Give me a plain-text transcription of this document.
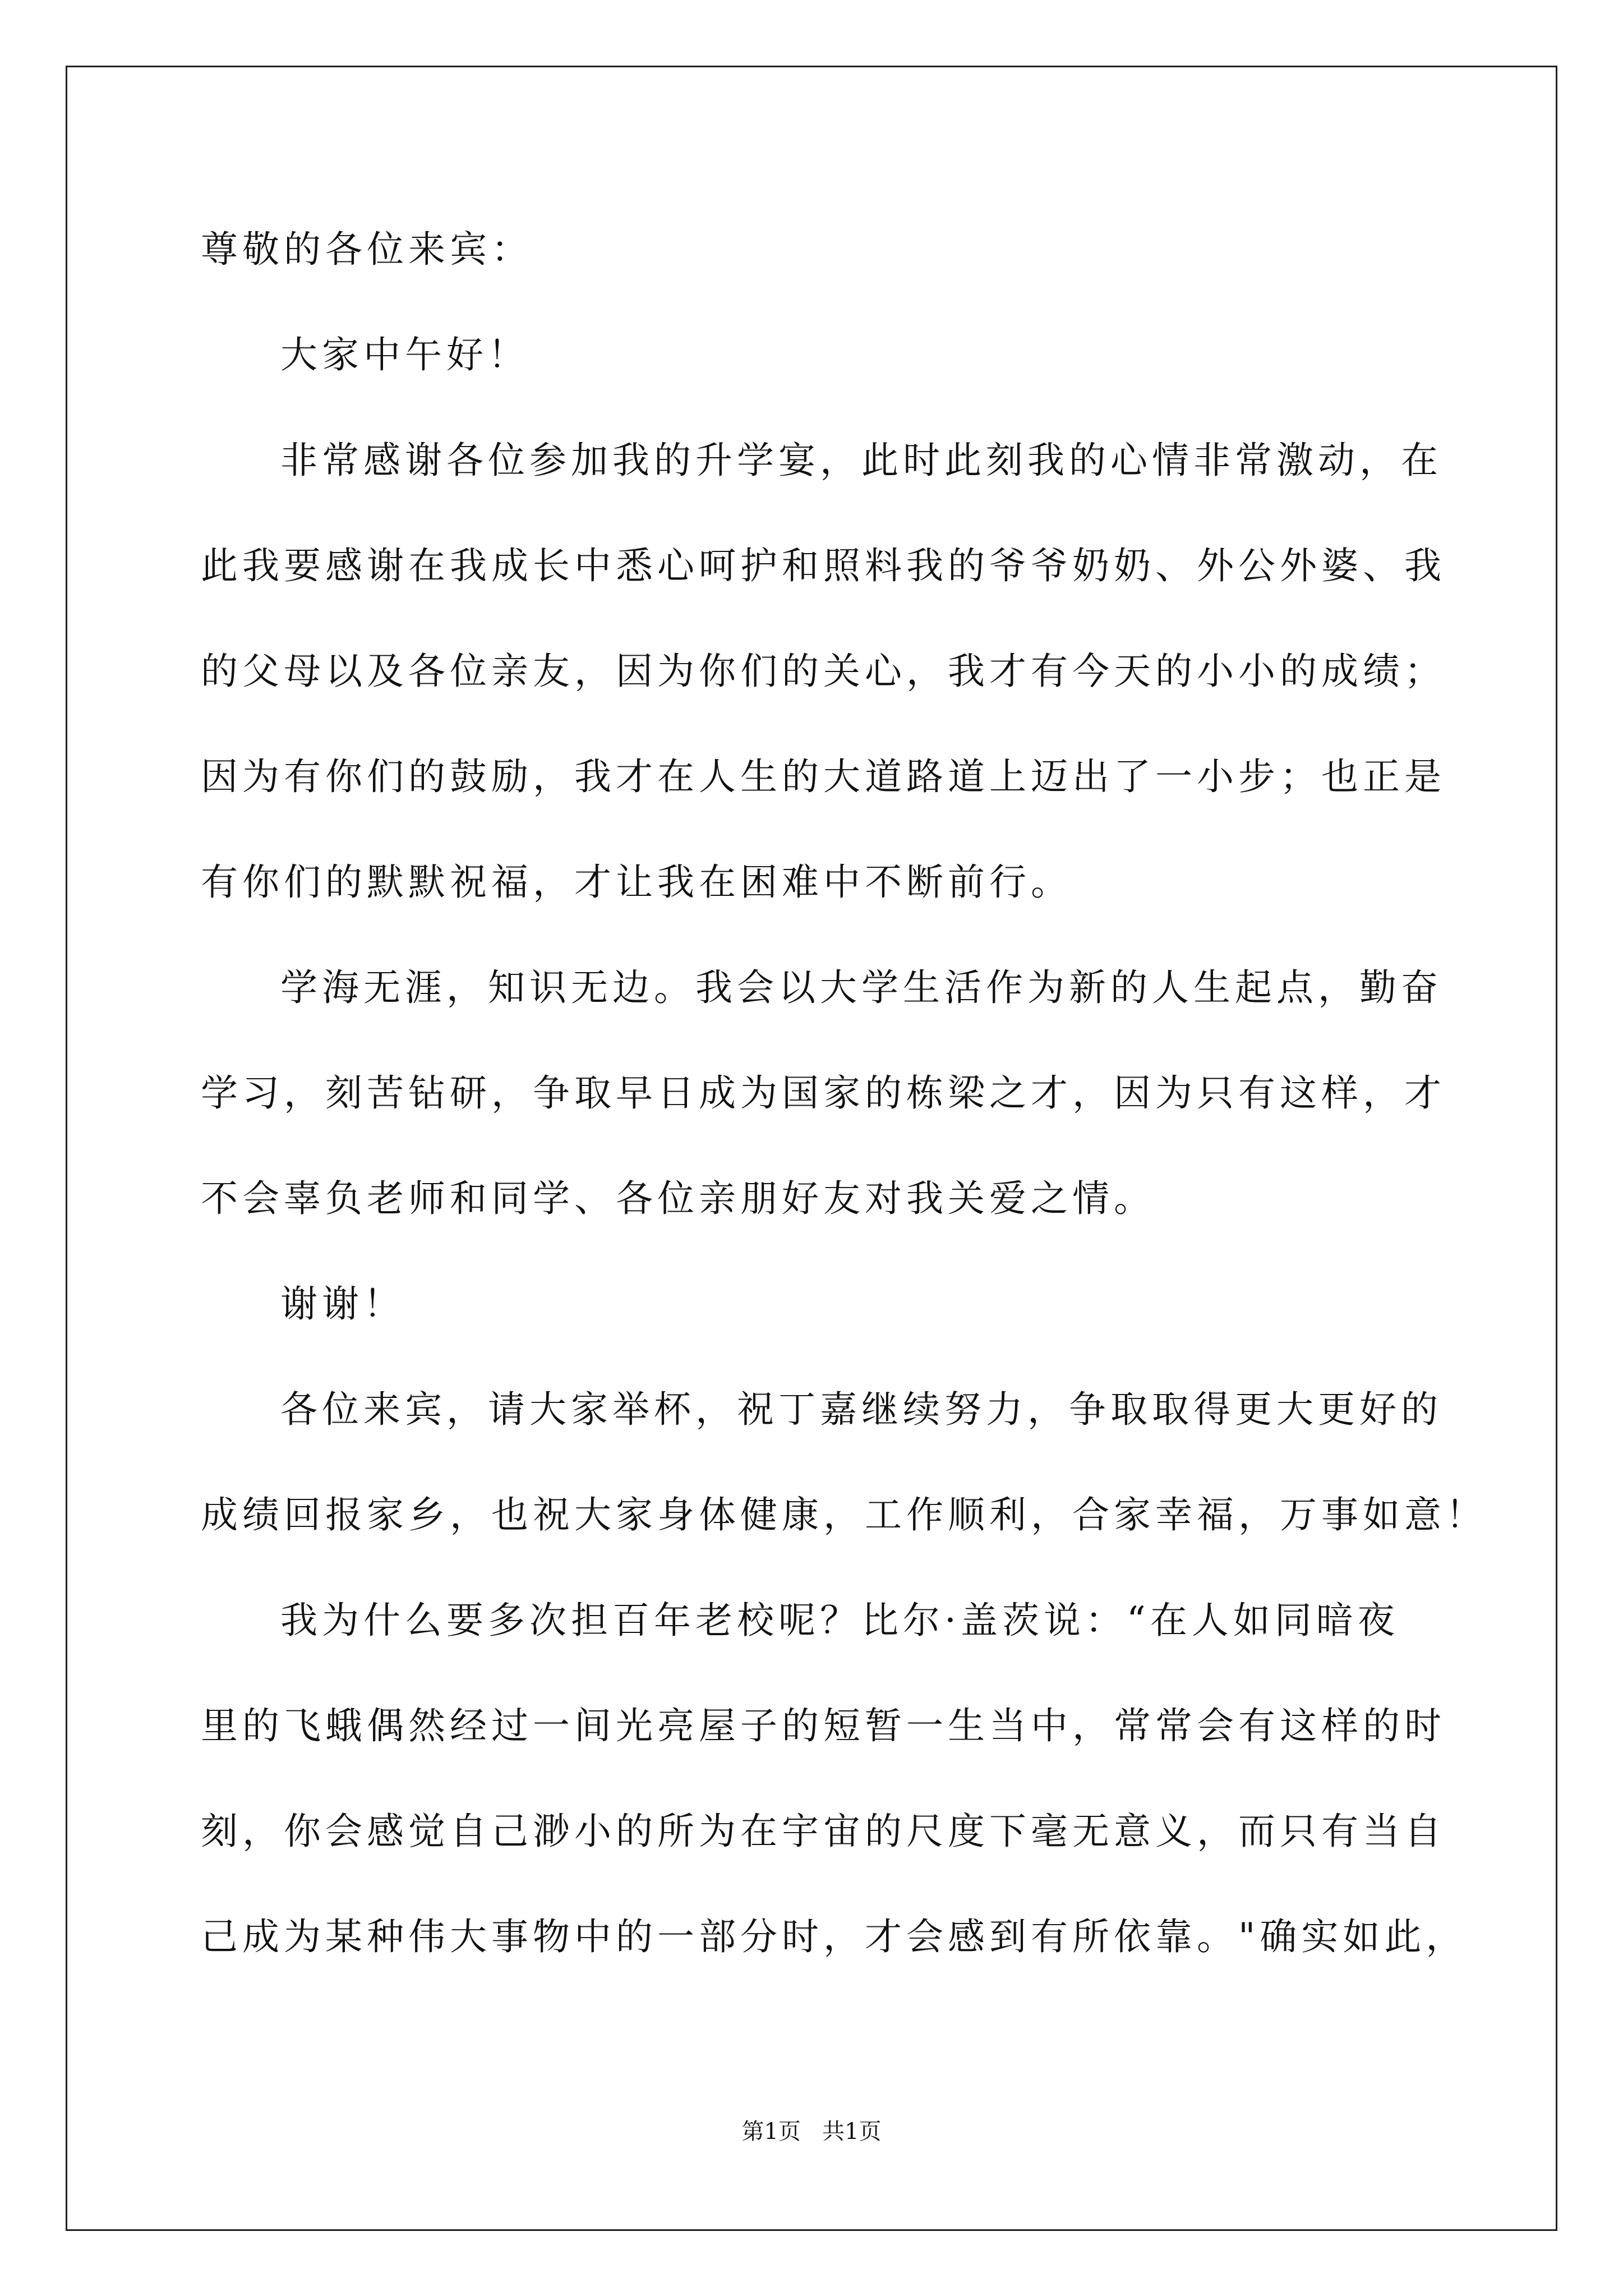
尊敬的各位来宾：
大家中午好！
非常感谢各位参加我的升学宴，此时此刻我的心情非常激动，在
此我要感谢在我成长中悉心呵护和照料我的爷爷奶奶、外公外婆、我
的父母以及各位亲友，因为你们的关心，我才有今天的小小的成绩；
因为有你们的鼓励，我才在人生的大道路道上迈出了一小步；也正是
有你们的默默祝福，才让我在困难中不断前行。
学海无涯，知识无边。我会以大学生活作为新的人生起点，勤奋
学习，刻苦钻研，争取早日成为国家的栋梁之才，因为只有这样，才
不会辜负老师和同学、各位亲朋好友对我关爱之情。
谢谢！
各位来宾，请大家举杯，祝丁嘉继续努力，争取取得更大更好的
成绩回报家乡，也祝大家身体健康，工作顺利，合家幸福，万事如意！
我为什么要多次担百年老校呢？比尔·盖茨说：“在人如同暗夜
里的飞蛾偶然经过一间光亮屋子的短暂一生当中，常常会有这样的时
刻，你会感觉自己渺小的所为在宇宙的尺度下毫无意义，而只有当自
己成为某种伟大事物中的一部分时，才会感到有所依靠。"确实如此，
第1页   共1页
